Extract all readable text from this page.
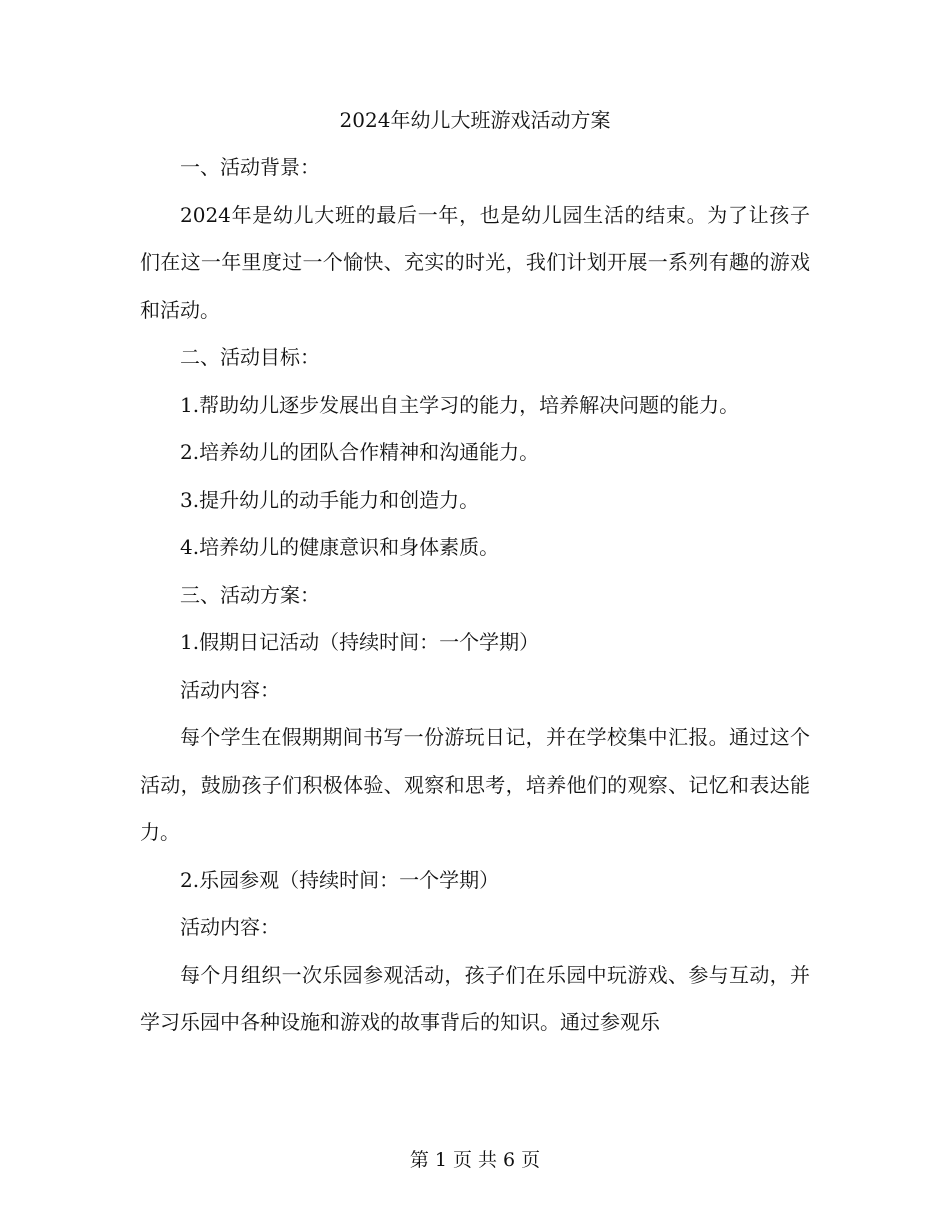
2024年幼儿大班游戏活动方案

一、活动背景：

2024年是幼儿大班的最后一年，也是幼儿园生活的结束。为了让孩子们在这一年里度过一个愉快、充实的时光，我们计划开展一系列有趣的游戏和活动。

二、活动目标：

1.帮助幼儿逐步发展出自主学习的能力，培养解决问题的能力。

2.培养幼儿的团队合作精神和沟通能力。

3.提升幼儿的动手能力和创造力。

4.培养幼儿的健康意识和身体素质。

三、活动方案：

1.假期日记活动（持续时间：一个学期）

活动内容：

每个学生在假期期间书写一份游玩日记，并在学校集中汇报。通过这个活动，鼓励孩子们积极体验、观察和思考，培养他们的观察、记忆和表达能力。

2.乐园参观（持续时间：一个学期）

活动内容：

每个月组织一次乐园参观活动，孩子们在乐园中玩游戏、参与互动，并学习乐园中各种设施和游戏的故事背后的知识。通过参观乐

第 1 页 共 6 页
